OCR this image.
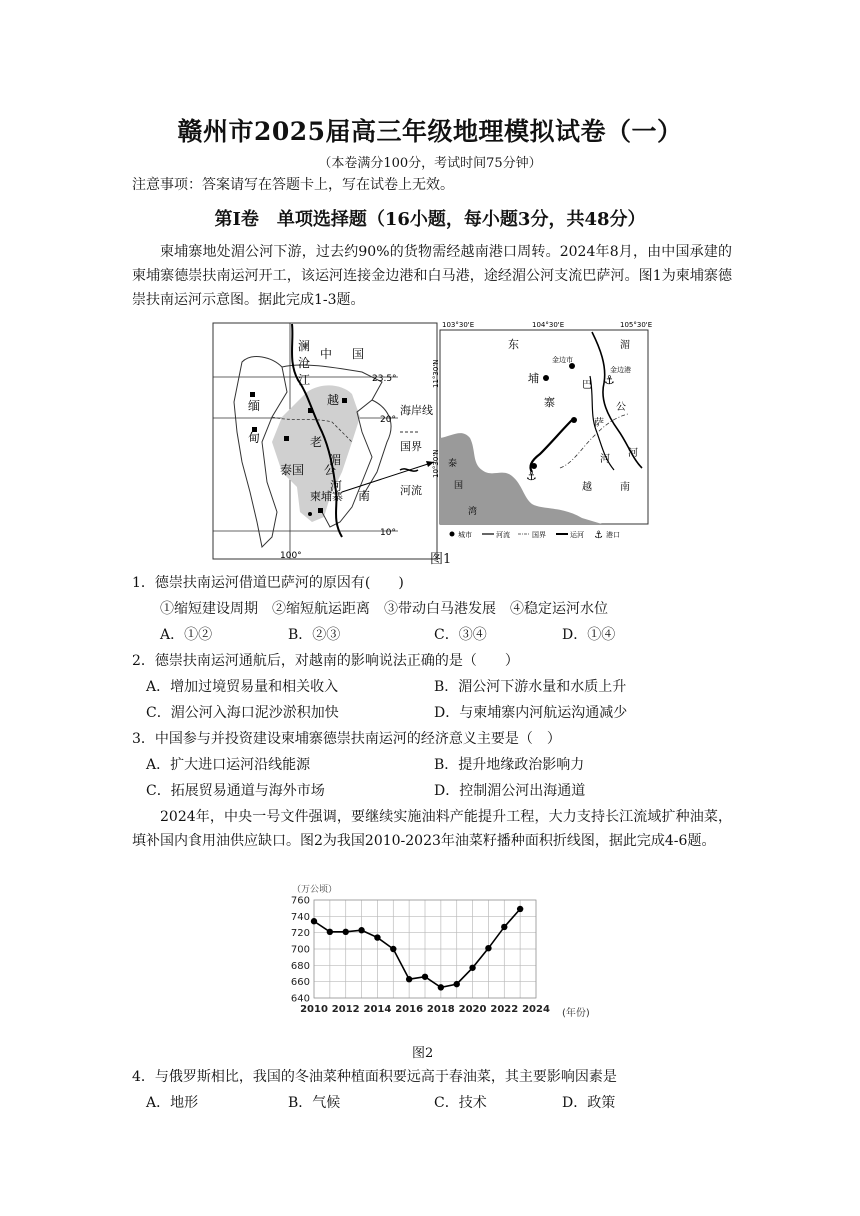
赣州市2025届高三年级地理模拟试卷（一）
（本卷满分100分，考试时间75分钟）
注意事项：答案请写在答题卡上，写在试卷上无效。
第Ⅰ卷　单项选择题（16小题，每小题3分，共48分）
柬埔寨地处湄公河下游，过去约90%的货物需经越南港口周转。2024年8月，由中国承建的柬埔寨德崇扶南运河开工，该运河连接金边港和白马港，途经湄公河支流巴萨河。图1为柬埔寨德崇扶南运河示意图。据此完成1-3题。
澜
沧
江
中 国
缅
甸
越
老
湄
泰国 公
河
柬埔寨 南
23.5°
20°
10°
100°
海岸线
国界
河流
103°30'E	104°30'E	105°30'E
11°30'N
10°30'N
⚓
⚓
东
埔
寨
金边市
金边港
湄
巴
公
萨
河
河
越	南
泰
国
湾
白马港
城市	河流	国界	运河 ⚓ 港口
图1
1．德崇扶南运河借道巴萨河的原因有(　　)
①缩短建设周期　②缩短航运距离　③带动白马港发展　④稳定运河水位
A．①②	B．②③	C．③④	D．①④
2．德崇扶南运河通航后，对越南的影响说法正确的是（　　）
A．增加过境贸易量和相关收入	B．湄公河下游水量和水质上升
C．湄公河入海口泥沙淤积加快	D．与柬埔寨内河航运沟通减少
3．中国参与并投资建设柬埔寨德崇扶南运河的经济意义主要是（　）
A．扩大进口运河沿线能源	B．提升地缘政治影响力
C．拓展贸易通道与海外市场	D．控制湄公河出海通道
2024年，中央一号文件强调，要继续实施油料产能提升工程，大力支持长江流域扩种油菜，填补国内食用油供应缺口。图2为我国2010-2023年油菜籽播种面积折线图，据此完成4-6题。
（万公顷）
640
660
680
700
720
740
760
2010 2012 2014 2016 2018 2020 2022 2024 (年份)
图2
4．与俄罗斯相比，我国的冬油菜种植面积要远高于春油菜，其主要影响因素是
A．地形	B．气候	C．技术	D．政策
